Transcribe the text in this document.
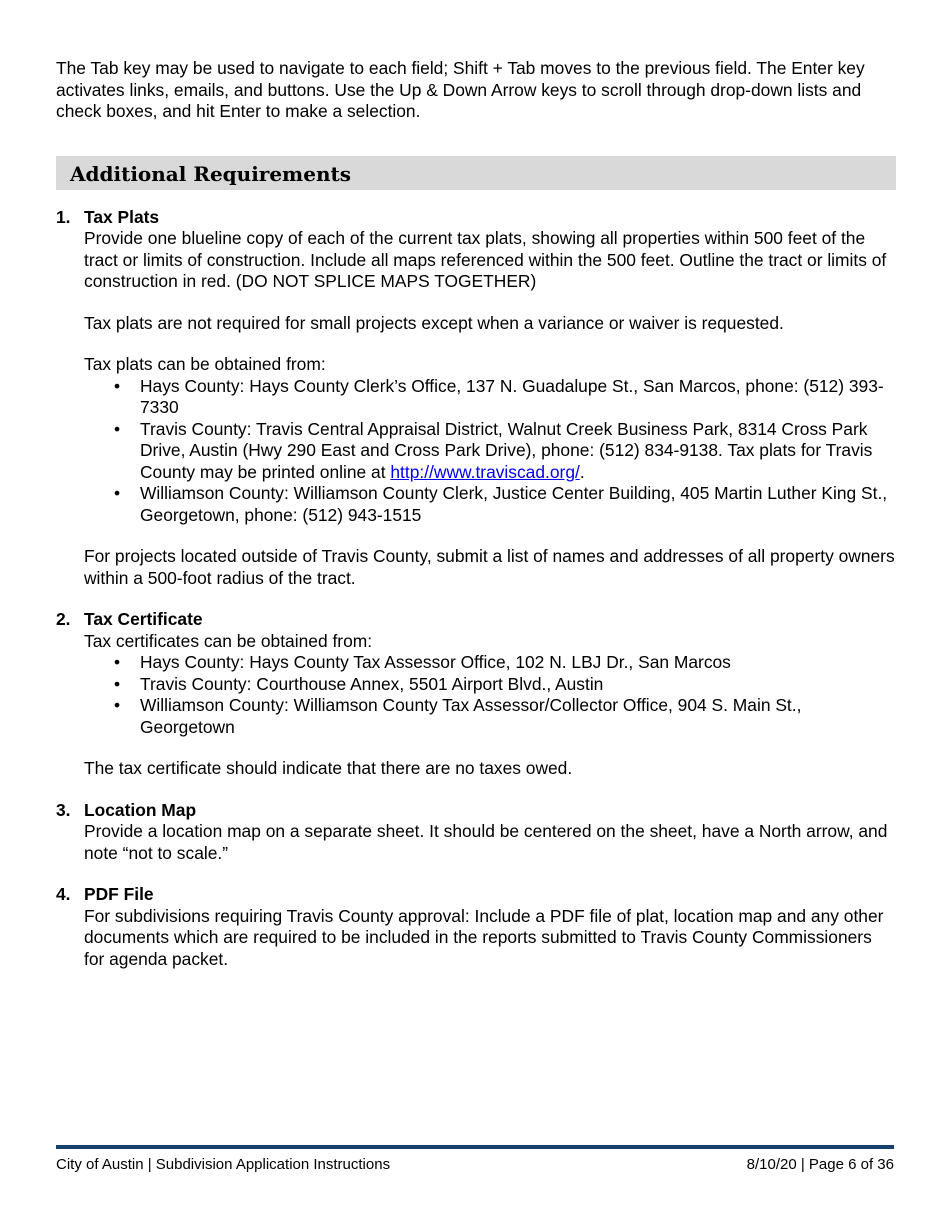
The Tab key may be used to navigate to each field; Shift + Tab moves to the previous field. The Enter key activates links, emails, and buttons. Use the Up & Down Arrow keys to scroll through drop-down lists and check boxes, and hit Enter to make a selection.

Additional Requirements
1. Tax Plats

Provide one blueline copy of each of the current tax plats, showing all properties within 500 feet of the tract or limits of construction. Include all maps referenced within the 500 feet. Outline the tract or limits of construction in red. (DO NOT SPLICE MAPS TOGETHER)

Tax plats are not required for small projects except when a variance or waiver is requested.

Tax plats can be obtained from:

• Hays County: Hays County Clerk’s Office, 137 N. Guadalupe St., San Marcos, phone: (512) 393-7330
• Travis County: Travis Central Appraisal District, Walnut Creek Business Park, 8314 Cross Park Drive, Austin (Hwy 290 East and Cross Park Drive), phone: (512) 834-9138. Tax plats for Travis County may be printed online at http://www.traviscad.org/.
• Williamson County: Williamson County Clerk, Justice Center Building, 405 Martin Luther King St., Georgetown, phone: (512) 943-1515

For projects located outside of Travis County, submit a list of names and addresses of all property owners within a 500-foot radius of the tract.

2. Tax Certificate

Tax certificates can be obtained from:

• Hays County: Hays County Tax Assessor Office, 102 N. LBJ Dr., San Marcos
• Travis County: Courthouse Annex, 5501 Airport Blvd., Austin
• Williamson County: Williamson County Tax Assessor/Collector Office, 904 S. Main St., Georgetown

The tax certificate should indicate that there are no taxes owed.

3. Location Map

Provide a location map on a separate sheet. It should be centered on the sheet, have a North arrow, and note “not to scale.”

4. PDF File

For subdivisions requiring Travis County approval: Include a PDF file of plat, location map and any other documents which are required to be included in the reports submitted to Travis County Commissioners for agenda packet.

City of Austin | Subdivision Application Instructions	8/10/20 | Page 6 of 36
